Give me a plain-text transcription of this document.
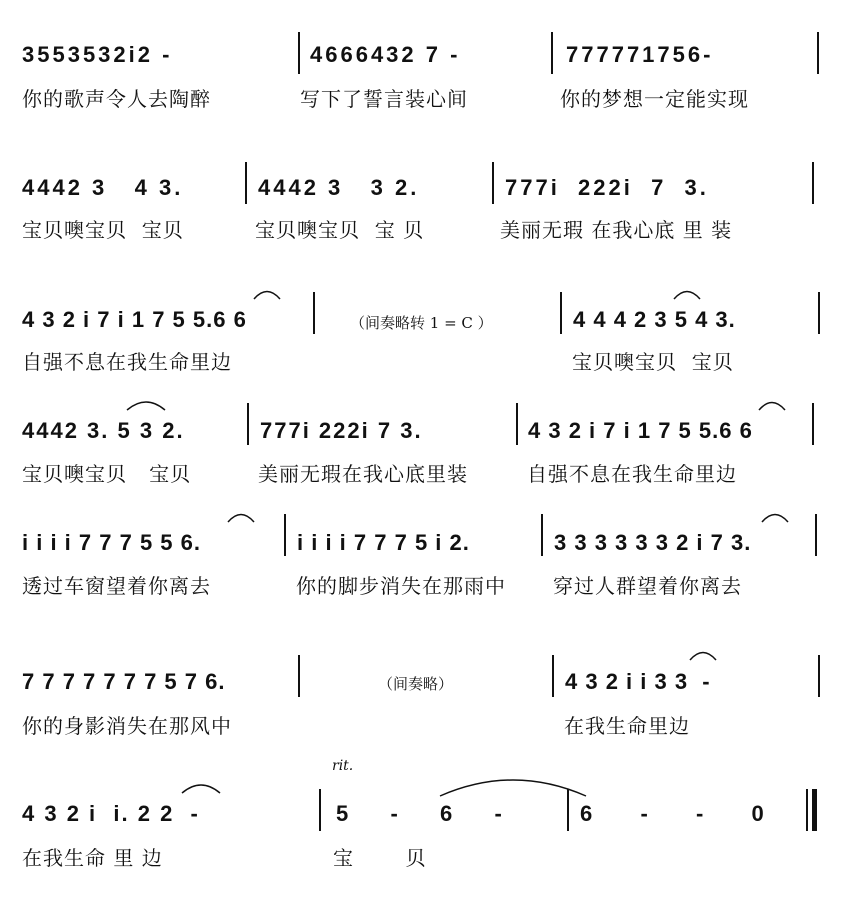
3553532i2 -	4666432 7 -	777771756-
你的歌声令人去陶醉	写下了誓言装心间	你的梦想一定能实现
4442 3   4 3.	4442 3   3 2.	777i  222i  7  3.
宝贝噢宝贝  宝贝	宝贝噢宝贝  宝 贝	美丽无瑕 在我心底 里 装
4 3 2 i 7 i 1 7 5 5.6 6	（间奏略转 1 = C ）	4 4 4 2 3 5 4 3.
自强不息在我生命里边	宝贝噢宝贝  宝贝
4442 3. 5 3 2.	777i 222i 7 3.	4 3 2 i 7 i 1 7 5 5.6 6
宝贝噢宝贝   宝贝	美丽无瑕在我心底里装	自强不息在我生命里边
i i i i 7 7 7 5 5 6.	i i i i 7 7 7 5 i 2.	3 3 3 3 3 3 2 i 7 3.
透过车窗望着你离去	你的脚步消失在那雨中 穿过人群望着你离去
7 7 7 7 7 7 7 5 7 6.	（间奏略）	4 3 2 i i 3 3  -
你的身影消失在那风中	在我生命里边
rit.
4 3 2 i  i. 2 2  -	5  -  6  -	6  -  -  0
在我生命 里 边	宝       贝
